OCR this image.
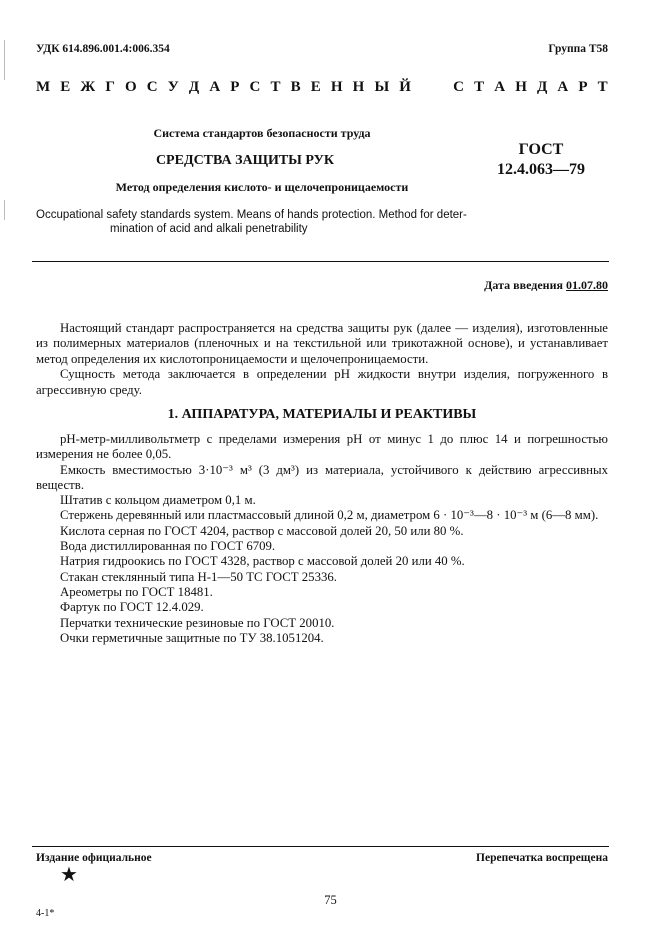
УДК 614.896.001.4:006.354	Группа Т58
М Е Ж Г О С У Д А Р С Т В Е Н Н Ы Й	С Т А Н Д А Р Т
Система стандартов безопасности труда
СРЕДСТВА ЗАЩИТЫ РУК
Метод определения кислото- и щелочепроницаемости
ГОСТ
12.4.063—79
Occupational safety standards system. Means of hands protection. Method for deter-
mination of acid and alkali penetrability
Дата введения 01.07.80

Настоящий стандарт распространяется на средства защиты рук (далее — изделия), изготовленные из полимерных материалов (пленочных и на текстильной или трикотажной основе), и устанавливает метод определения их кислотопроницаемости и щелочепроницаемости.

Сущность метода заключается в определении pH жидкости внутри изделия, погруженного в агрессивную среду.

1. АППАРАТУРА, МАТЕРИАЛЫ И РЕАКТИВЫ

pH-метр-милливольтметр с пределами измерения pH от минус 1 до плюс 14 и погрешностью измерения не более 0,05.

Емкость вместимостью 3·10⁻³ м³ (3 дм³) из материала, устойчивого к действию агрессивных веществ.

Штатив с кольцом диаметром 0,1 м.

Стержень деревянный или пластмассовый длиной 0,2 м, диаметром 6 · 10⁻³—8 · 10⁻³ м (6—8 мм).

Кислота серная по ГОСТ 4204, раствор с массовой долей 20, 50 или 80 %.

Вода дистиллированная по ГОСТ 6709.

Натрия гидроокись по ГОСТ 4328, раствор с массовой долей 20 или 40 %.

Стакан стеклянный типа Н-1—50 ТС ГОСТ 25336.

Ареометры по ГОСТ 18481.

Фартук по ГОСТ 12.4.029.

Перчатки технические резиновые по ГОСТ 20010.

Очки герметичные защитные по ТУ 38.1051204.

Издание официальное	Перепечатка воспрещена
★
75
4-1*
